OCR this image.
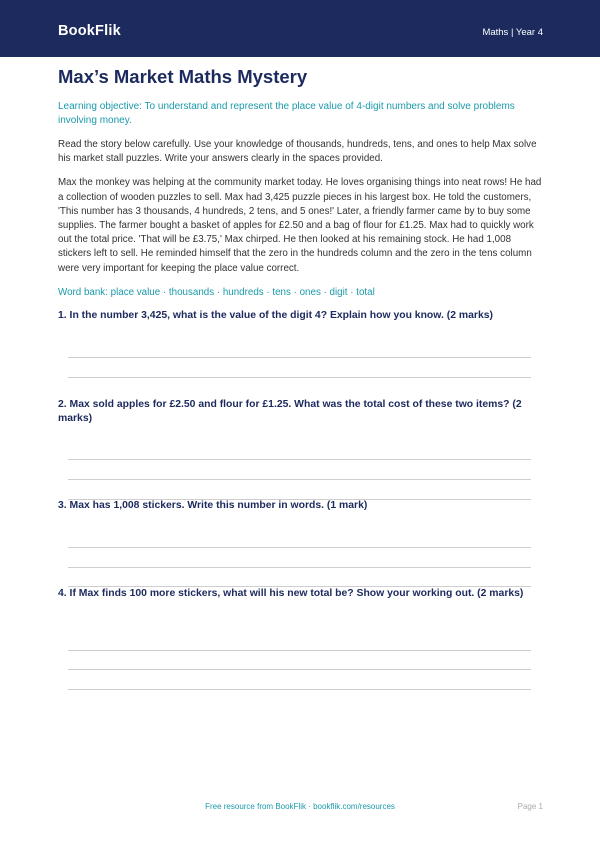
BookFlik	Maths | Year 4
Max’s Market Maths Mystery

Learning objective: To understand and represent the place value of 4-digit numbers and solve problems involving money.

Read the story below carefully. Use your knowledge of thousands, hundreds, tens, and ones to help Max solve his market stall puzzles. Write your answers clearly in the spaces provided.

Max the monkey was helping at the community market today. He loves organising things into neat rows! He had a collection of wooden puzzles to sell. Max had 3,425 puzzle pieces in his largest box. He told the customers, 'This number has 3 thousands, 4 hundreds, 2 tens, and 5 ones!' Later, a friendly farmer came by to buy some supplies. The farmer bought a basket of apples for £2.50 and a bag of flour for £1.25. Max had to quickly work out the total price. 'That will be £3.75,' Max chirped. He then looked at his remaining stock. He had 1,008 stickers left to sell. He reminded himself that the zero in the hundreds column and the zero in the tens column were very important for keeping the place value correct.

Word bank: place value · thousands · hundreds · tens · ones · digit · total

1. In the number 3,425, what is the value of the digit 4? Explain how you know. (2 marks)
2. Max sold apples for £2.50 and flour for £1.25. What was the total cost of these two items? (2 marks)
3. Max has 1,008 stickers. Write this number in words. (1 mark)
4. If Max finds 100 more stickers, what will his new total be? Show your working out. (2 marks)
Free resource from BookFlik · bookflik.com/resources	Page 1
